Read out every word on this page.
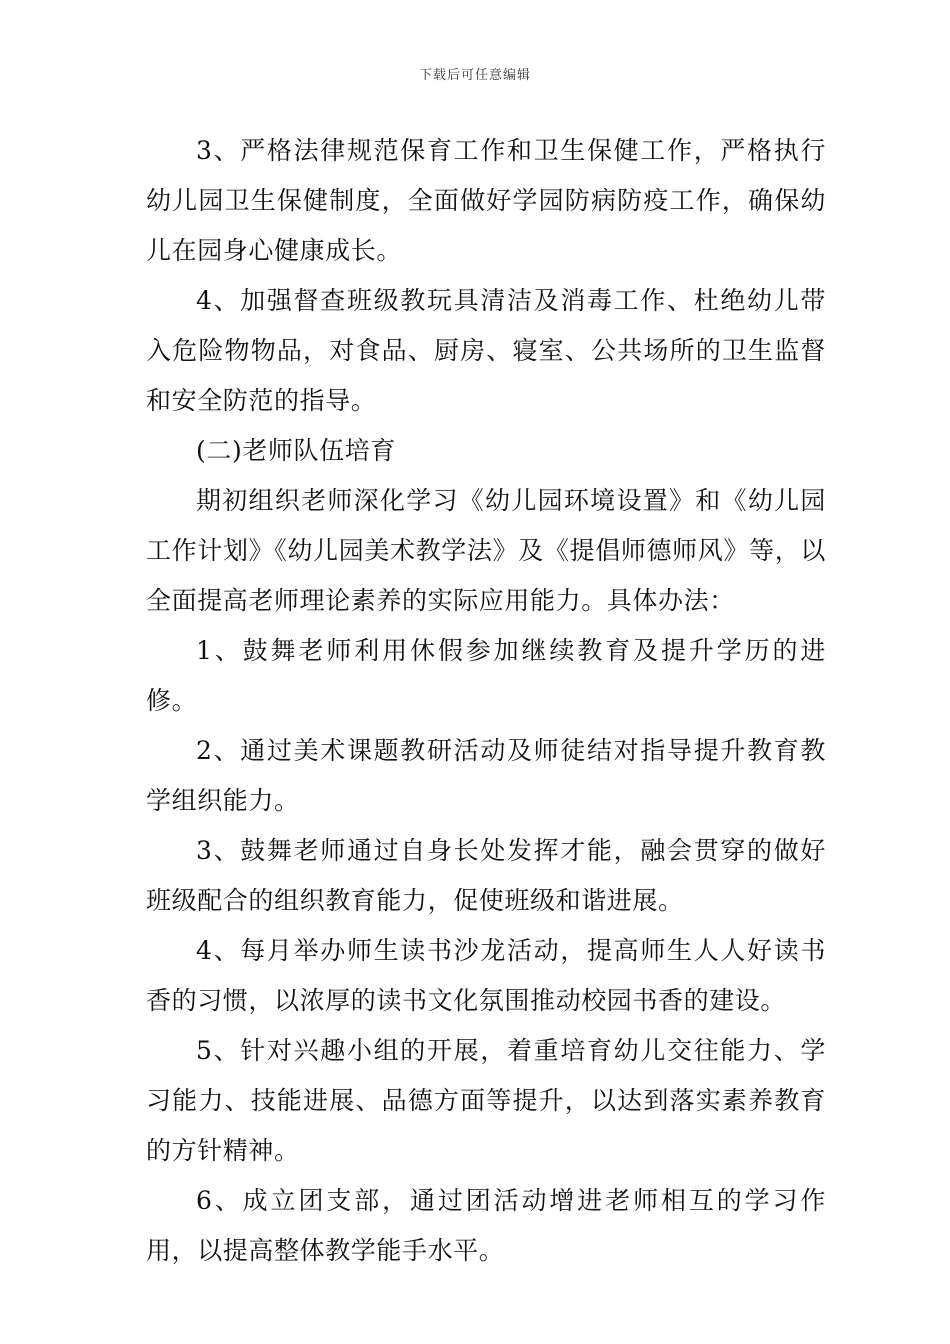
下载后可任意编辑

3、严格法律规范保育工作和卫生保健工作，严格执行幼儿园卫生保健制度，全面做好学园防病防疫工作，确保幼儿在园身心健康成长。

4、加强督查班级教玩具清洁及消毒工作、杜绝幼儿带入危险物物品，对食品、厨房、寝室、公共场所的卫生监督和安全防范的指导。

(二)老师队伍培育

期初组织老师深化学习《幼儿园环境设置》和《幼儿园工作计划》《幼儿园美术教学法》及《提倡师德师风》等，以全面提高老师理论素养的实际应用能力。具体办法：

1、鼓舞老师利用休假参加继续教育及提升学历的进修。

2、通过美术课题教研活动及师徒结对指导提升教育教学组织能力。

3、鼓舞老师通过自身长处发挥才能，融会贯穿的做好班级配合的组织教育能力，促使班级和谐进展。

4、每月举办师生读书沙龙活动，提高师生人人好读书香的习惯，以浓厚的读书文化氛围推动校园书香的建设。

5、针对兴趣小组的开展，着重培育幼儿交往能力、学习能力、技能进展、品德方面等提升，以达到落实素养教育的方针精神。

6、成立团支部，通过团活动增进老师相互的学习作用，以提高整体教学能手水平。
